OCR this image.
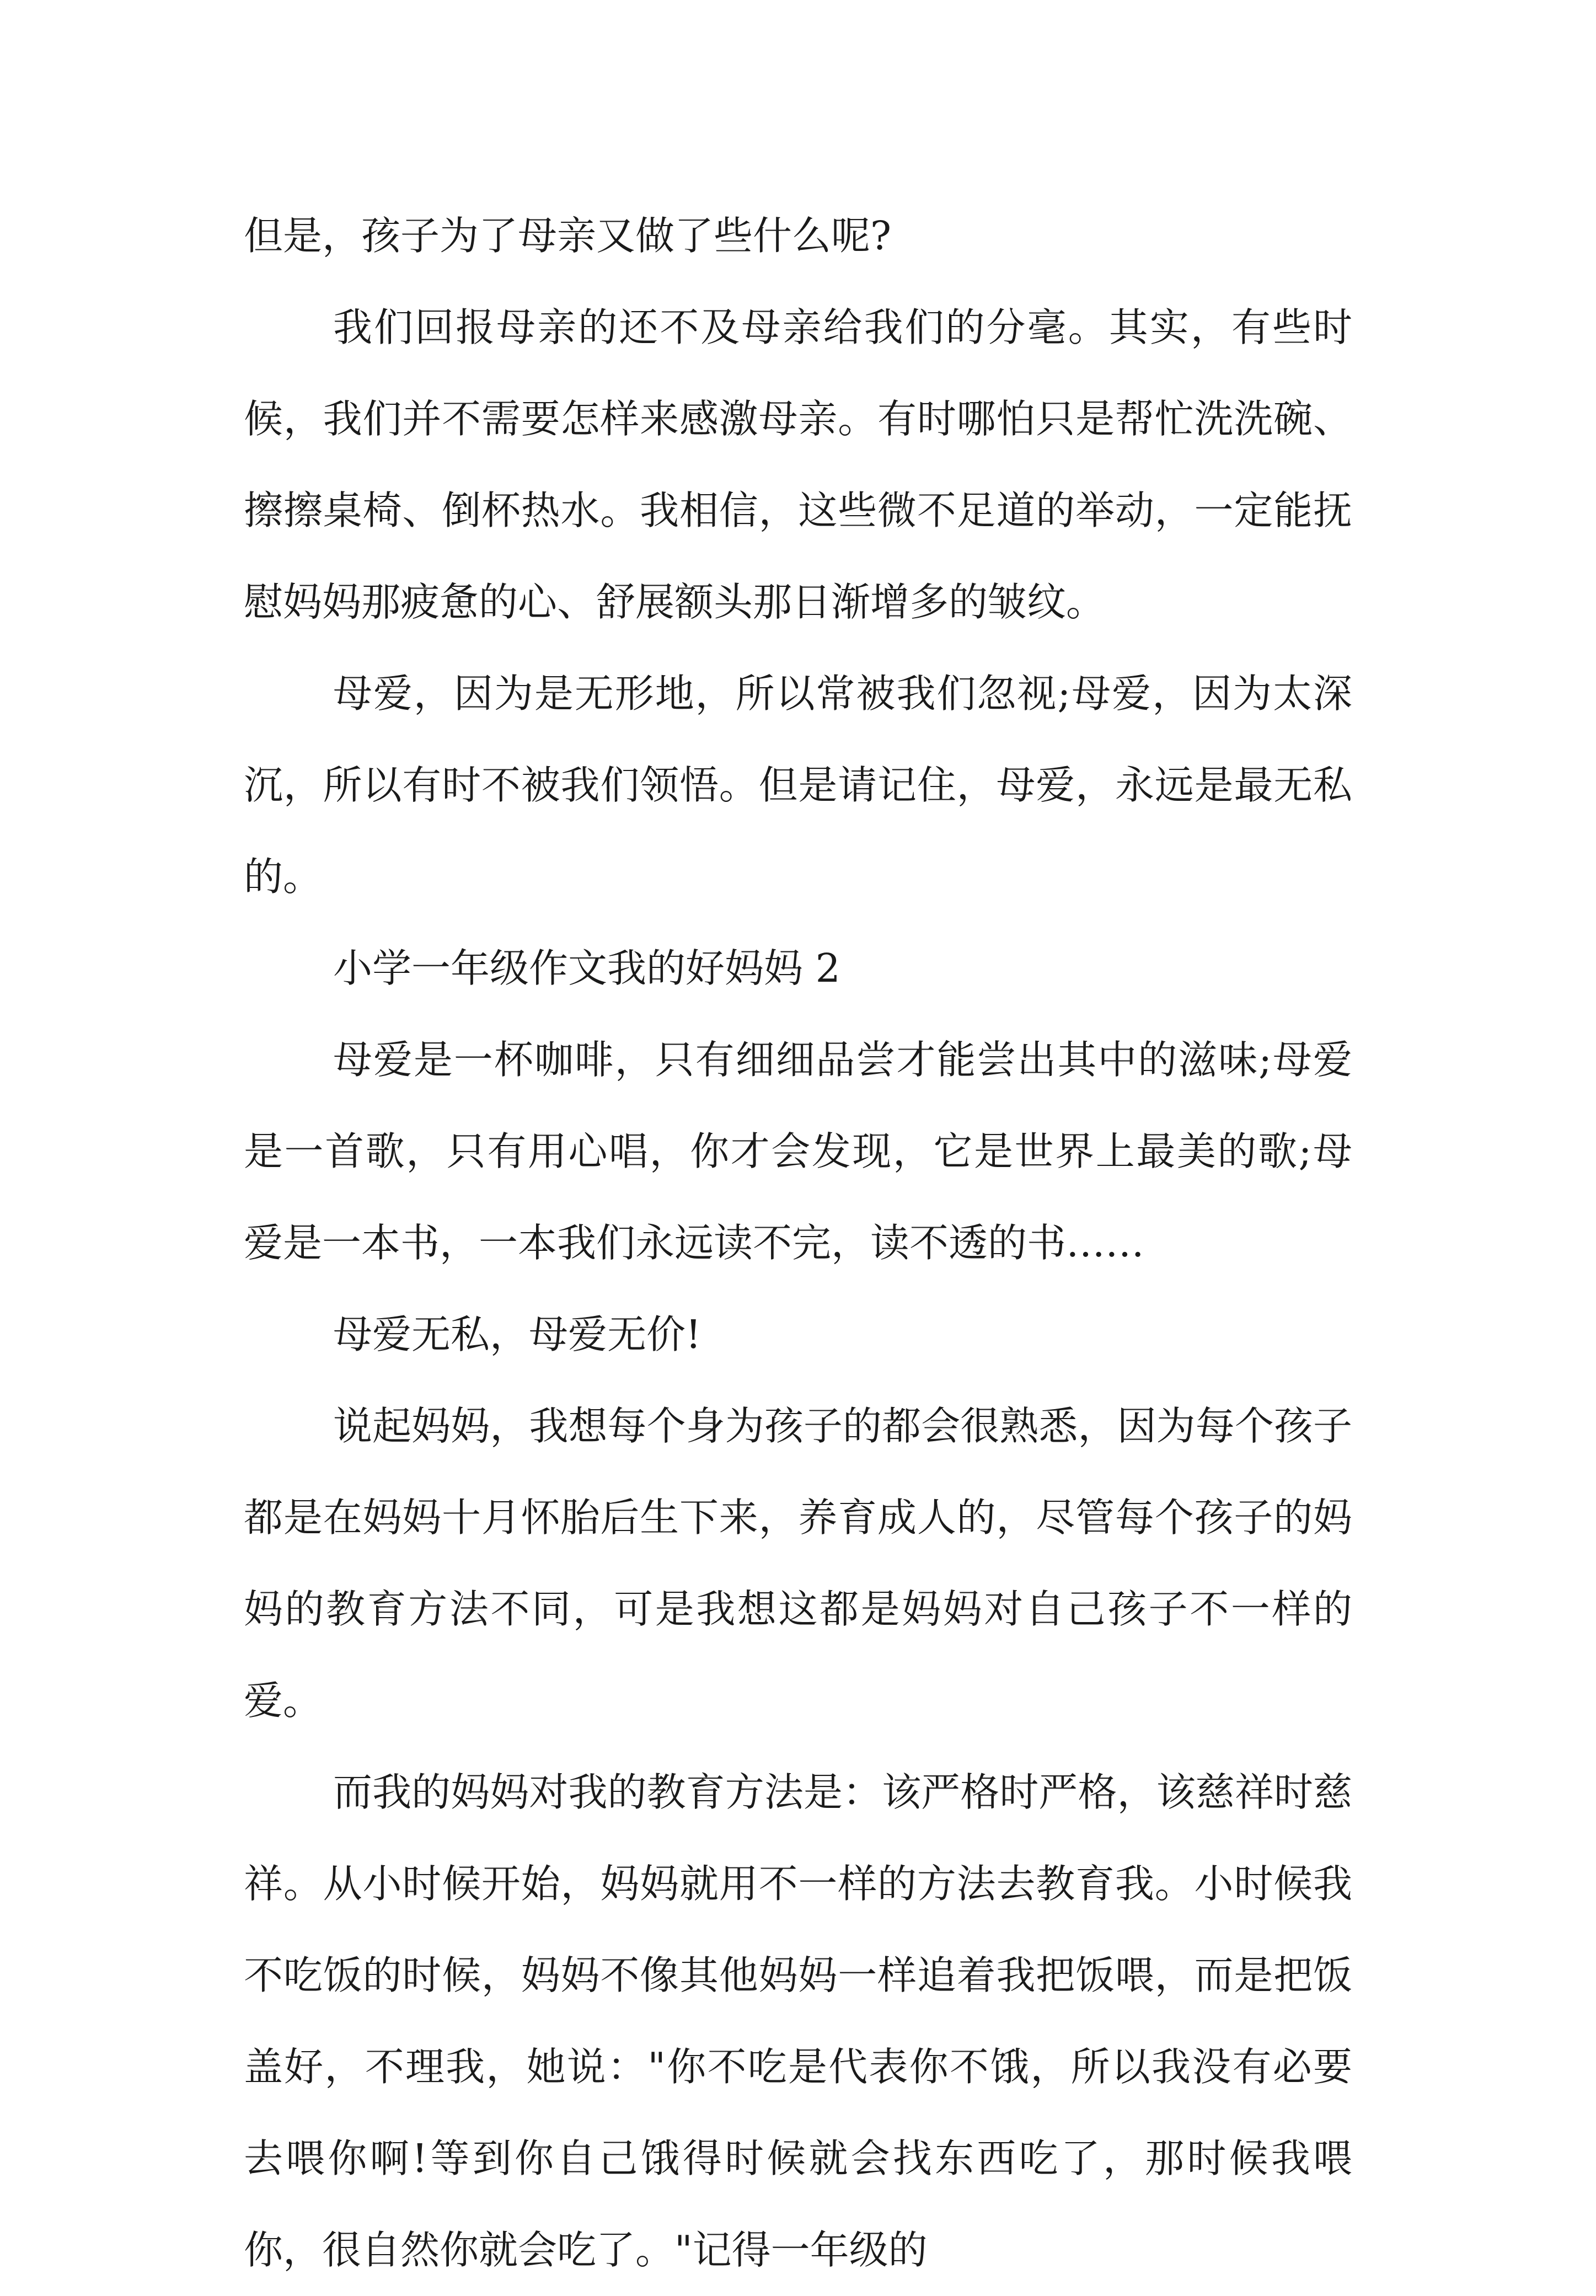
但是，孩子为了母亲又做了些什么呢?

我们回报母亲的还不及母亲给我们的分毫。其实，有些时候，我们并不需要怎样来感激母亲。有时哪怕只是帮忙洗洗碗、擦擦桌椅、倒杯热水。我相信，这些微不足道的举动，一定能抚慰妈妈那疲惫的心、舒展额头那日渐增多的皱纹。

母爱，因为是无形地，所以常被我们忽视;母爱，因为太深沉，所以有时不被我们领悟。但是请记住，母爱，永远是最无私的。

小学一年级作文我的好妈妈 2

母爱是一杯咖啡，只有细细品尝才能尝出其中的滋味;母爱是一首歌，只有用心唱，你才会发现，它是世界上最美的歌;母爱是一本书，一本我们永远读不完，读不透的书……

母爱无私，母爱无价!

说起妈妈，我想每个身为孩子的都会很熟悉，因为每个孩子都是在妈妈十月怀胎后生下来，养育成人的，尽管每个孩子的妈妈的教育方法不同，可是我想这都是妈妈对自己孩子不一样的爱。

而我的妈妈对我的教育方法是：该严格时严格，该慈祥时慈祥。从小时候开始，妈妈就用不一样的方法去教育我。小时候我不吃饭的时候，妈妈不像其他妈妈一样追着我把饭喂，而是把饭盖好，不理我，她说："你不吃是代表你不饿，所以我没有必要去喂你啊!等到你自己饿得时候就会找东西吃了，那时候我喂你，很自然你就会吃了。"记得一年级的
